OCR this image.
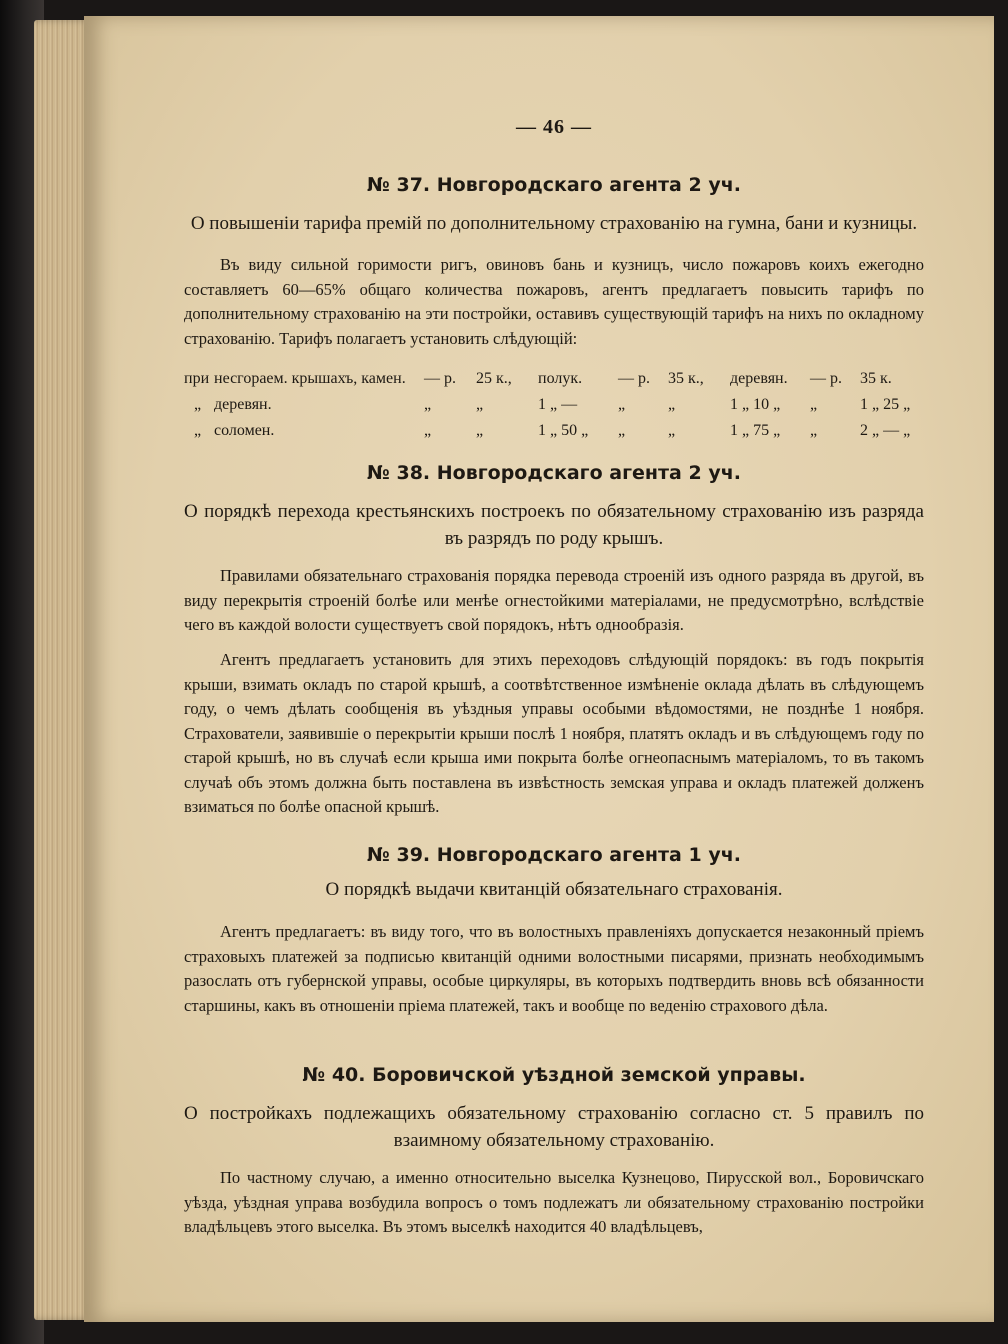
— 46 —
№ 37. Новгородскаго агента 2 уч.
О повышеніи тарифа премій по дополнительному страхованію на гумна, бани и кузницы.
Въ виду сильной горимости ригъ, овиновъ бань и кузницъ, число пожаровъ коихъ ежегодно составляетъ 60—65% общаго количества пожаровъ, агентъ предлагаетъ повысить тарифъ по дополнительному страхованію на эти постройки, оставивъ существующій тарифъ на нихъ по окладному страхованію. Тарифъ полагаетъ установить слѣдующій:
при	несгораем. крышахъ, камен.	— р.	25 к.,	полук.	— р.	35 к.,	деревян.	— р.	35 к.
„	деревян.	„	„	1 „ —	„	„	1 „ 10 „	„	1 „ 25 „
„	соломен.	„	„	1 „ 50 „	„	„	1 „ 75 „	„	2 „ — „
№ 38. Новгородскаго агента 2 уч.
О порядкѣ перехода крестьянскихъ построекъ по обязательному страхованію изъ разряда въ разрядъ по роду крышъ.
Правилами обязательнаго страхованія порядка перевода строеній изъ одного разряда въ другой, въ виду перекрытія строеній болѣе или менѣе огнестойкими матеріалами, не предусмотрѣно, вслѣдствіе чего въ каждой волости существуетъ свой порядокъ, нѣтъ однообразія.
Агентъ предлагаетъ установить для этихъ переходовъ слѣдующій порядокъ: въ годъ покрытія крыши, взимать окладъ по старой крышѣ, а соотвѣтственное измѣненіе оклада дѣлать въ слѣдующемъ году, о чемъ дѣлать сообщенія въ уѣздныя управы особыми вѣдомостями, не позднѣе 1 ноября. Страхователи, заявившіе о перекрытіи крыши послѣ 1 ноября, платятъ окладъ и въ слѣдующемъ году по старой крышѣ, но въ случаѣ если крыша ими покрыта болѣе огнеопаснымъ матеріаломъ, то въ такомъ случаѣ объ этомъ должна быть поставлена въ извѣстность земская управа и окладъ платежей долженъ взиматься по болѣе опасной крышѣ.
№ 39. Новгородскаго агента 1 уч.
О порядкѣ выдачи квитанцій обязательнаго страхованія.
Агентъ предлагаетъ: въ виду того, что въ волостныхъ правленіяхъ допускается незаконный пріемъ страховыхъ платежей за подписью квитанцій одними волостными писарями, признать необходимымъ разослать отъ губернской управы, особые циркуляры, въ которыхъ подтвердить вновь всѣ обязанности старшины, какъ въ отношеніи пріема платежей, такъ и вообще по веденію страхового дѣла.
№ 40. Боровичской уѣздной земской управы.
О постройкахъ подлежащихъ обязательному страхованію согласно ст. 5 правилъ по взаимному обязательному страхованію.
По частному случаю, а именно относительно выселка Кузнецово, Пирусской вол., Боровичскаго уѣзда, уѣздная управа возбудила вопросъ о томъ подлежатъ ли обязательному страхованію постройки владѣльцевъ этого выселка. Въ этомъ выселкѣ находится 40 владѣльцевъ,
